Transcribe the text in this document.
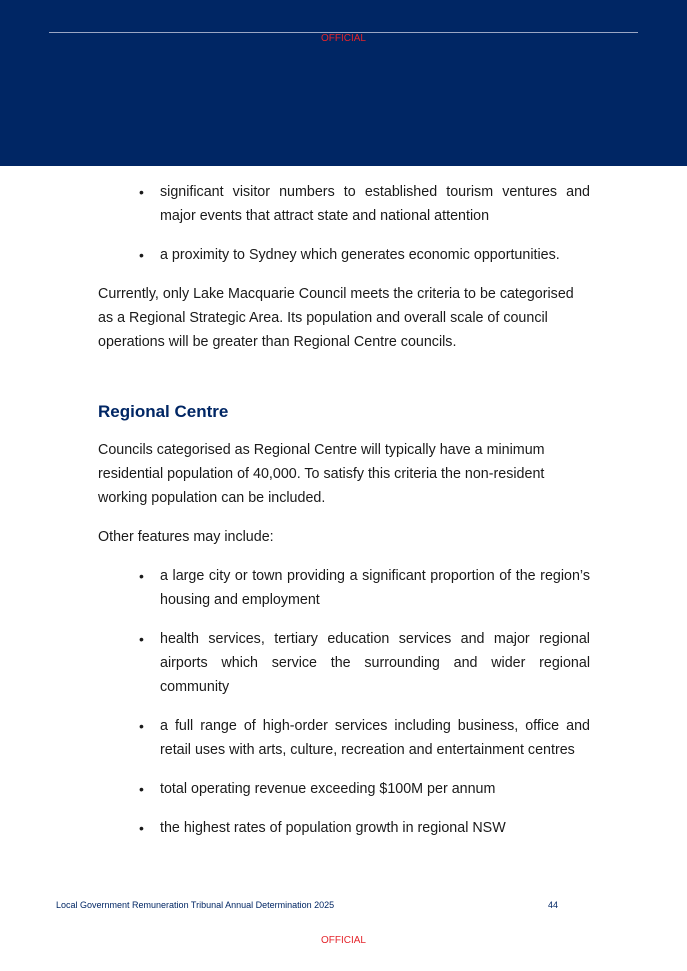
OFFICIAL
• significant visitor numbers to established tourism ventures and major events that attract state and national attention
• a proximity to Sydney which generates economic opportunities.

Currently, only Lake Macquarie Council meets the criteria to be categorised as a Regional Strategic Area. Its population and overall scale of council operations will be greater than Regional Centre councils.

Regional Centre

Councils categorised as Regional Centre will typically have a minimum residential population of 40,000. To satisfy this criteria the non-resident working population can be included.

Other features may include:

• a large city or town providing a significant proportion of the region’s housing and employment
• health services, tertiary education services and major regional airports which service the surrounding and wider regional community
• a full range of high-order services including business, office and retail uses with arts, culture, recreation and entertainment centres
• total operating revenue exceeding $100M per annum
• the highest rates of population growth in regional NSW
Local Government Remuneration Tribunal Annual Determination 2025	44
OFFICIAL
